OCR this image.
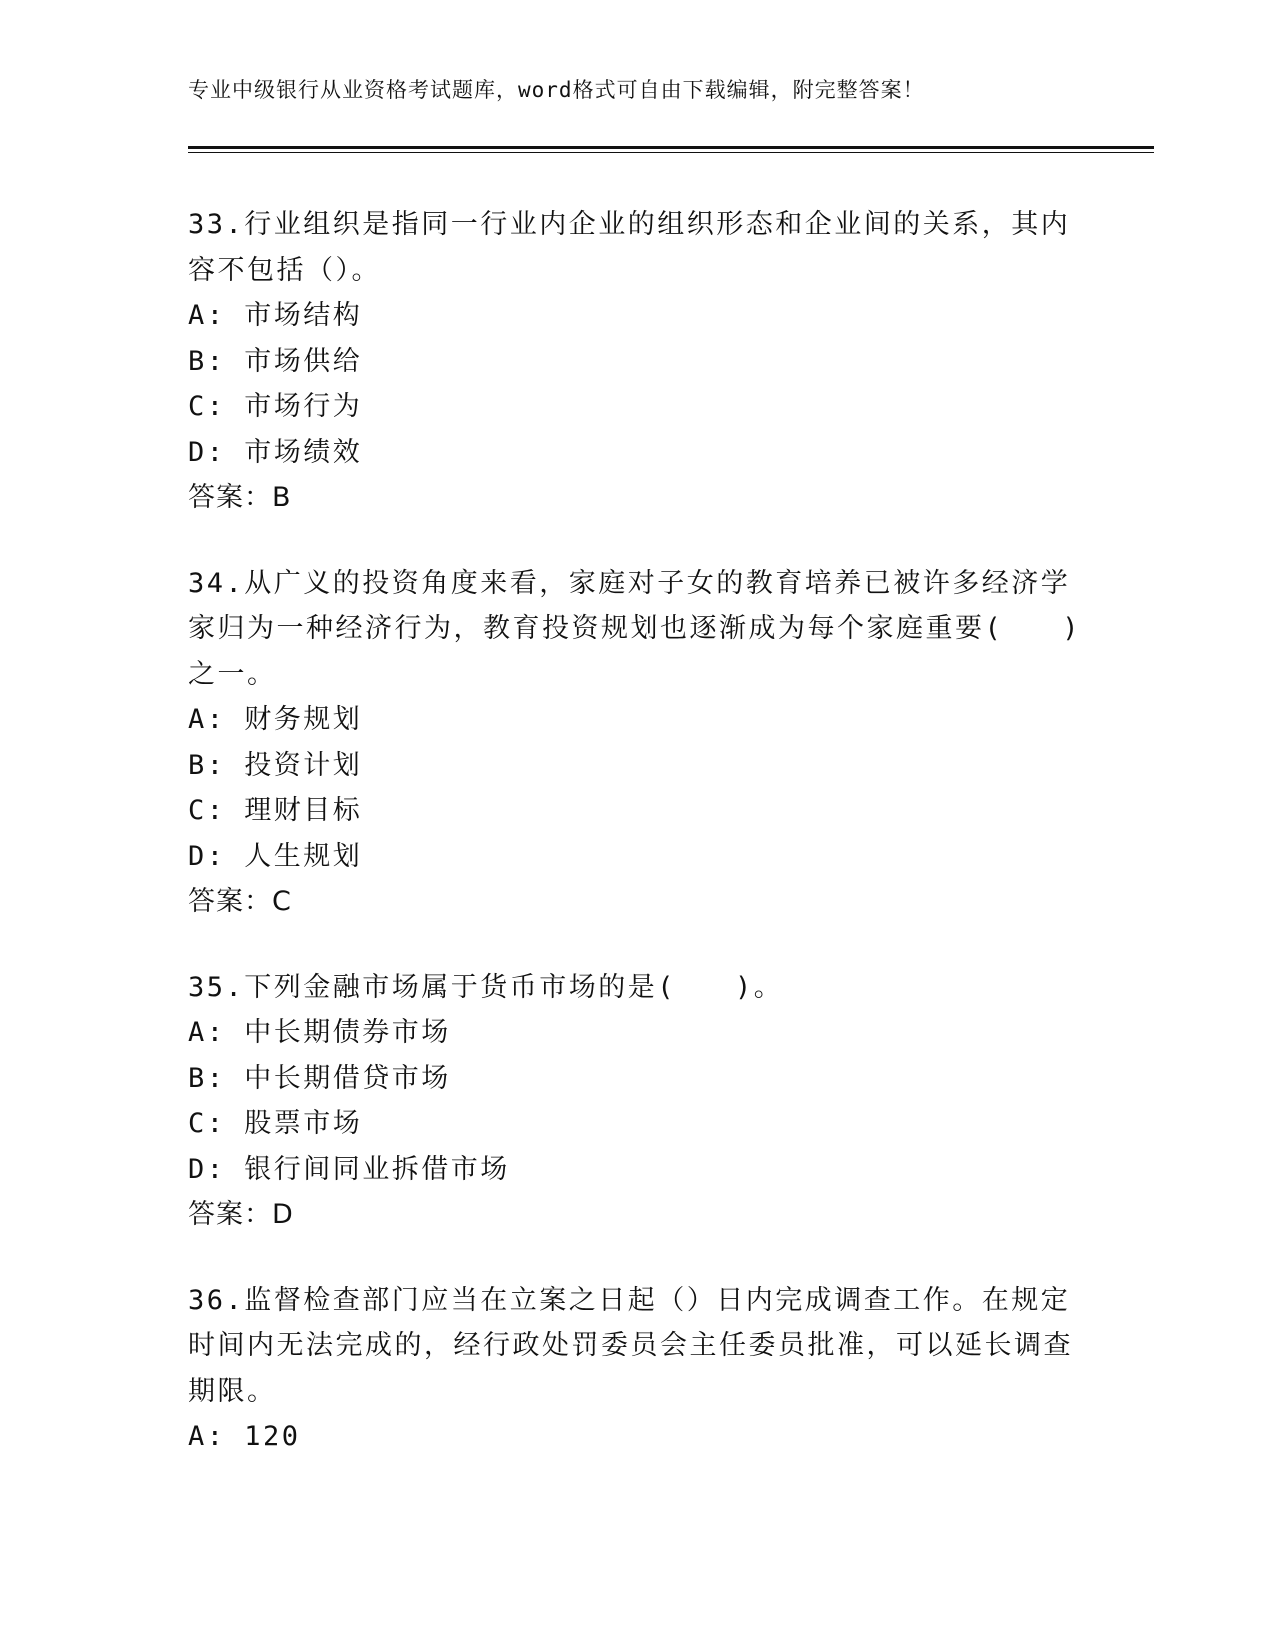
专业中级银行从业资格考试题库，word格式可自由下载编辑，附完整答案！

33.行业组织是指同一行业内企业的组织形态和企业间的关系，其内容不包括（）。

A: 市场结构

B: 市场供给

C: 市场行为

D: 市场绩效

答案：B

34.从广义的投资角度来看，家庭对子女的教育培养已被许多经济学家归为一种经济行为，教育投资规划也逐渐成为每个家庭重要(　　)之一。

A: 财务规划

B: 投资计划

C: 理财目标

D: 人生规划

答案：C

35.下列金融市场属于货币市场的是(　　)。

A: 中长期债券市场

B: 中长期借贷市场

C: 股票市场

D: 银行间同业拆借市场

答案：D

36.监督检查部门应当在立案之日起（）日内完成调查工作。在规定时间内无法完成的，经行政处罚委员会主任委员批准，可以延长调查期限。

A: 120
